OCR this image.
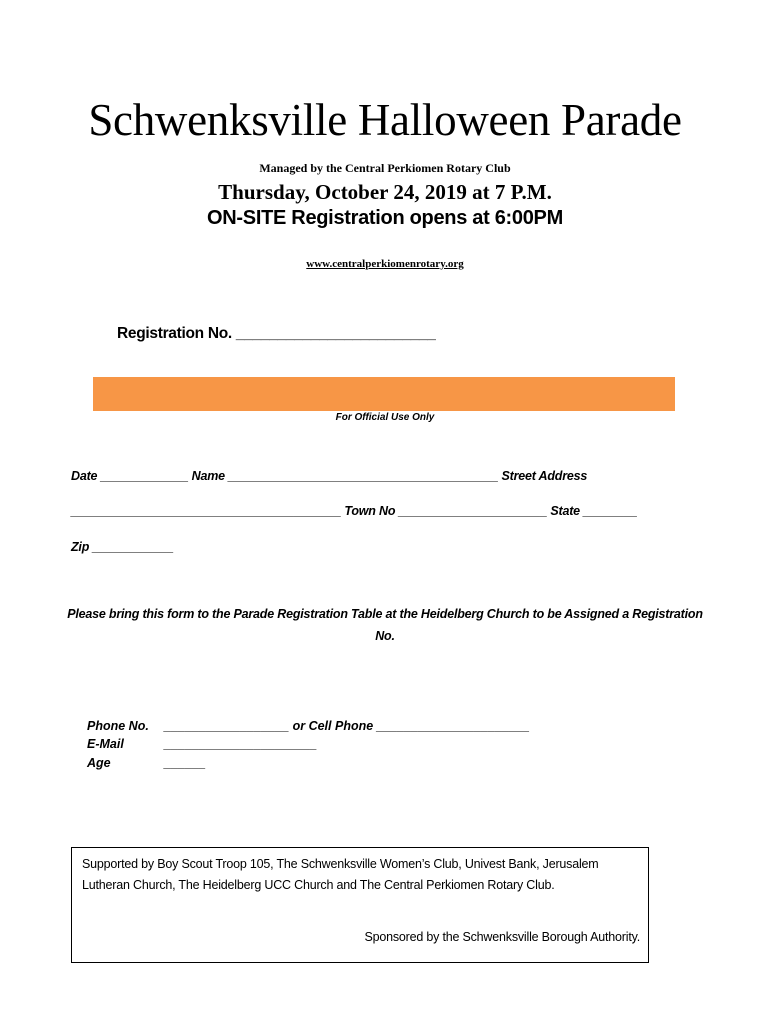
Schwenksville Halloween Parade
Managed by the Central Perkiomen Rotary Club
Thursday, October 24, 2019 at 7 P.M.
ON-SITE Registration opens at 6:00PM
www.centralperkiomenrotary.org
Registration No. ________________________
For Official Use Only
Date _____________ Name ________________________________________ Street Address
________________________________________ Town No ______________________ State ________
Zip ____________
Please bring this form to the Parade Registration Table at the Heidelberg Church to be Assigned a Registration No.
Phone No.
E-Mail
Age
__________________ or Cell Phone ______________________
______________________
______
Supported by Boy Scout Troop 105, The Schwenksville Women’s Club, Univest Bank, Jerusalem Lutheran Church, The Heidelberg UCC Church and The Central Perkiomen Rotary Club.
Sponsored by the Schwenksville Borough Authority.
